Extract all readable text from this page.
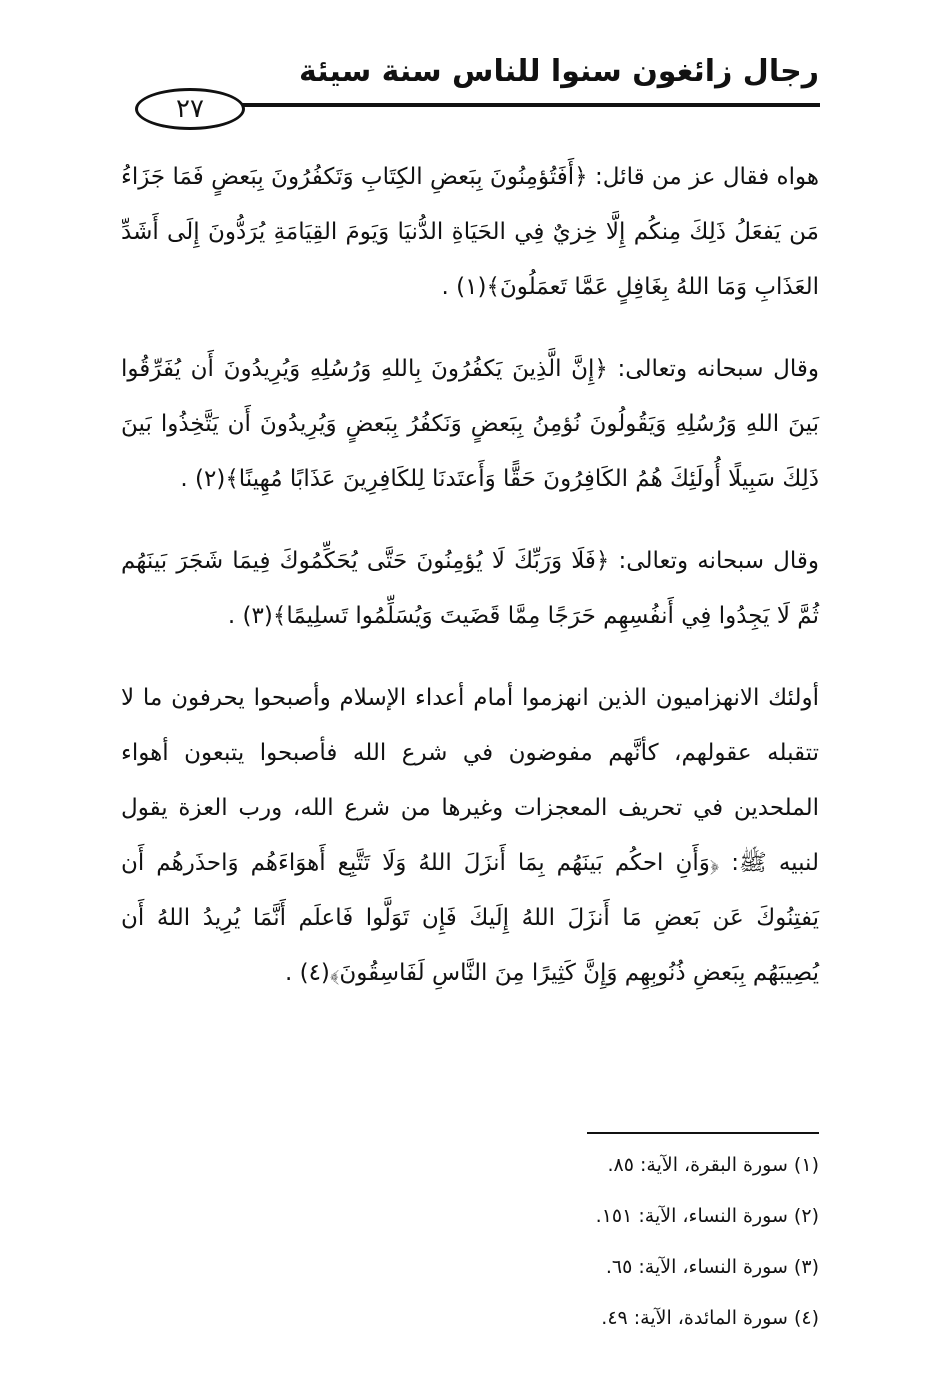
رجال زائغون سنوا للناس سنة سيئة
٢٧

هواه فقال عز من قائل: ﴿أَفَتُؤمِنُونَ بِبَعضِ الكِتَابِ وَتَكفُرُونَ بِبَعضٍ فَمَا جَزَاءُ مَن يَفعَلُ ذَلِكَ مِنكُم إِلَّا خِزيٌ فِي الحَيَاةِ الدُّنيَا وَيَومَ القِيَامَةِ يُرَدُّونَ إِلَى أَشَدِّ العَذَابِ وَمَا اللهُ بِغَافِلٍ عَمَّا تَعمَلُونَ﴾(١) .

وقال سبحانه وتعالى: ﴿إِنَّ الَّذِينَ يَكفُرُونَ بِاللهِ وَرُسُلِهِ وَيُرِيدُونَ أَن يُفَرِّقُوا بَينَ اللهِ وَرُسُلِهِ وَيَقُولُونَ نُؤمِنُ بِبَعضٍ وَنَكفُرُ بِبَعضٍ وَيُرِيدُونَ أَن يَتَّخِذُوا بَينَ ذَلِكَ سَبِيلًا أُولَئِكَ هُمُ الكَافِرُونَ حَقًّا وَأَعتَدنَا لِلكَافِرِينَ عَذَابًا مُهِينًا﴾(٢) .

وقال سبحانه وتعالى: ﴿فَلَا وَرَبِّكَ لَا يُؤمِنُونَ حَتَّى يُحَكِّمُوكَ فِيمَا شَجَرَ بَينَهُم ثُمَّ لَا يَجِدُوا فِي أَنفُسِهِم حَرَجًا مِمَّا قَضَيتَ وَيُسَلِّمُوا تَسلِيمًا﴾(٣) .

أولئك الانهزاميون الذين انهزموا أمام أعداء الإسلام وأصبحوا يحرفون ما لا تتقبله عقولهم، كأنَّهم مفوضون في شرع الله فأصبحوا يتبعون أهواء الملحدين في تحريف المعجزات وغيرها من شرع الله، ورب العزة يقول لنبيه ﷺ: ﴿وَأَنِ احكُم بَينَهُم بِمَا أَنزَلَ اللهُ وَلَا تَتَّبِع أَهوَاءَهُم وَاحذَرهُم أَن يَفتِنُوكَ عَن بَعضِ مَا أَنزَلَ اللهُ إِلَيكَ فَإِن تَوَلَّوا فَاعلَم أَنَّمَا يُرِيدُ اللهُ أَن يُصِيبَهُم بِبَعضِ ذُنُوبِهِم وَإِنَّ كَثِيرًا مِنَ النَّاسِ لَفَاسِقُونَ﴾(٤) .

(١) سورة البقرة، الآية: ٨٥.

(٢) سورة النساء، الآية: ١٥١.

(٣) سورة النساء، الآية: ٦٥.

(٤) سورة المائدة، الآية: ٤٩.
